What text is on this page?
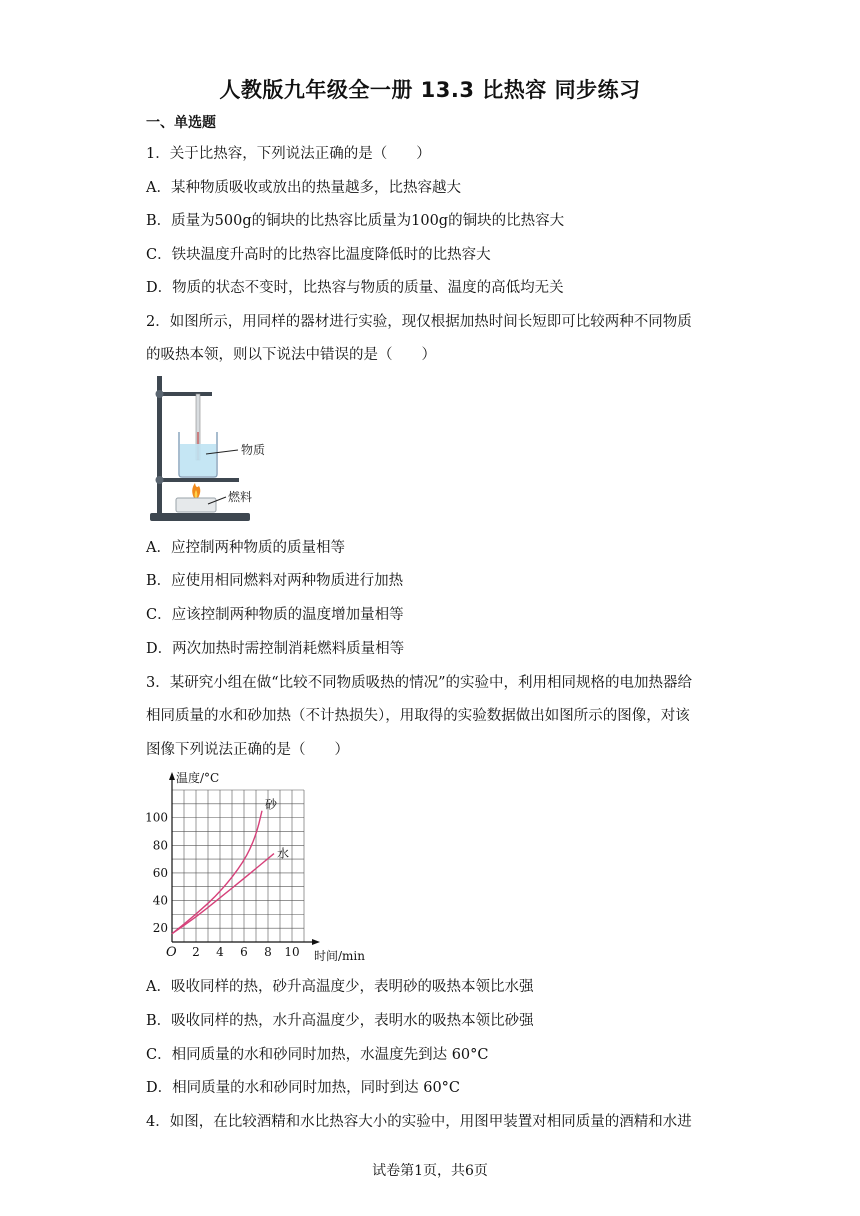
人教版九年级全一册 13.3 比热容 同步练习
一、单选题
1．关于比热容，下列说法正确的是（　　）
A．某种物质吸收或放出的热量越多，比热容越大
B．质量为500g的铜块的比热容比质量为100g的铜块的比热容大
C．铁块温度升高时的比热容比温度降低时的比热容大
D．物质的状态不变时，比热容与物质的质量、温度的高低均无关
2．如图所示，用同样的器材进行实验，现仅根据加热时间长短即可比较两种不同物质
的吸热本领，则以下说法中错误的是（　　）
物质
燃料
A．应控制两种物质的质量相等
B．应使用相同燃料对两种物质进行加热
C．应该控制两种物质的温度增加量相等
D．两次加热时需控制消耗燃料质量相等
3．某研究小组在做“比较不同物质吸热的情况”的实验中，利用相同规格的电加热器给
相同质量的水和砂加热（不计热损失），用取得的实验数据做出如图所示的图像，对该
图像下列说法正确的是（　　）
温度/°C
时间/min
O 2 4 6 8 10
20
40
60
80
100
砂
水
A．吸收同样的热，砂升高温度少，表明砂的吸热本领比水强
B．吸收同样的热，水升高温度少，表明水的吸热本领比砂强
C．相同质量的水和砂同时加热，水温度先到达 60°C
D．相同质量的水和砂同时加热，同时到达 60°C
4．如图，在比较酒精和水比热容大小的实验中，用图甲装置对相同质量的酒精和水进
试卷第1页，共6页
